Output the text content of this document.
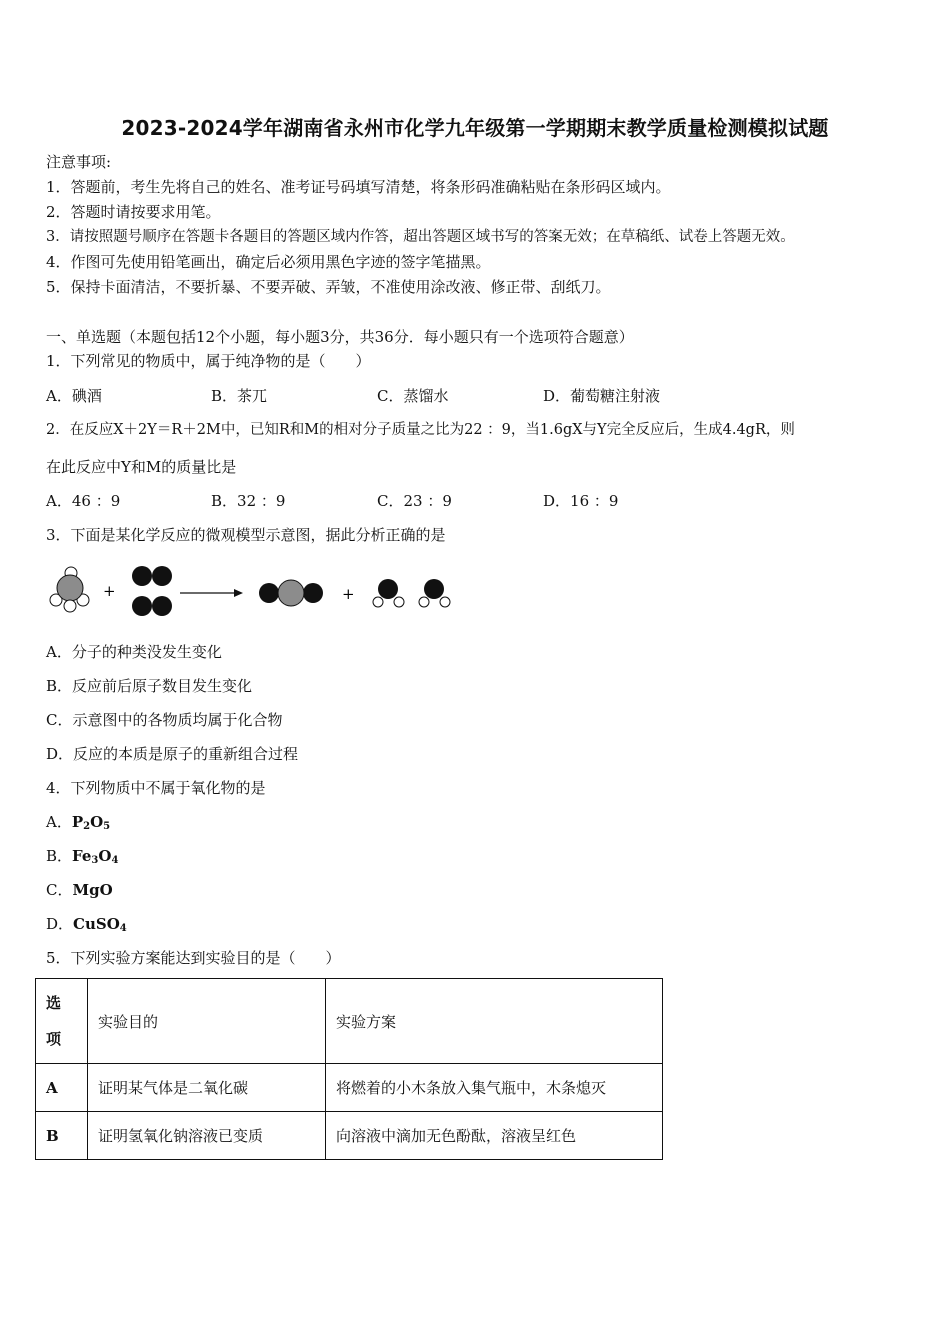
2023-2024学年湖南省永州市化学九年级第一学期期末教学质量检测模拟试题
注意事项:
1．答题前，考生先将自己的姓名、准考证号码填写清楚，将条形码准确粘贴在条形码区域内。
2．答题时请按要求用笔。
3．请按照题号顺序在答题卡各题目的答题区域内作答，超出答题区域书写的答案无效；在草稿纸、试卷上答题无效。
4．作图可先使用铅笔画出，确定后必须用黑色字迹的签字笔描黑。
5．保持卡面清洁，不要折暴、不要弄破、弄皱，不准使用涂改液、修正带、刮纸刀。
一、单选题（本题包括12个小题，每小题3分，共36分．每小题只有一个选项符合题意）
1．下列常见的物质中，属于纯净物的是（　　）
A．碘酒	B．茶兀	C．蒸馏水	D．葡萄糖注射液
2．在反应X＋2Y＝R＋2M中，已知R和M的相对分子质量之比为22 ：9，当1.6gX与Y完全反应后，生成4.4gR，则
在此反应中Y和M的质量比是
A．46 ：9	B．32 ：9	C．23 ：9	D．16 ：9
3．下面是某化学反应的微观模型示意图，据此分析正确的是
+	+
A．分子的种类没发生变化
B．反应前后原子数目发生变化
C．示意图中的各物质均属于化合物
D．反应的本质是原子的重新组合过程
4．下列物质中不属于氧化物的是
A．$P_2O_5$
B．$Fe_3O_4$
C．MgO
D．CuSO$_4$
5．下列实验方案能达到实验目的是（　　）
选
项	实验目的	实验方案
A	证明某气体是二氧化碳	将燃着的小木条放入集气瓶中，木条熄灭
B	证明氢氧化钠溶液已变质	向溶液中滴加无色酚酞，溶液呈红色
